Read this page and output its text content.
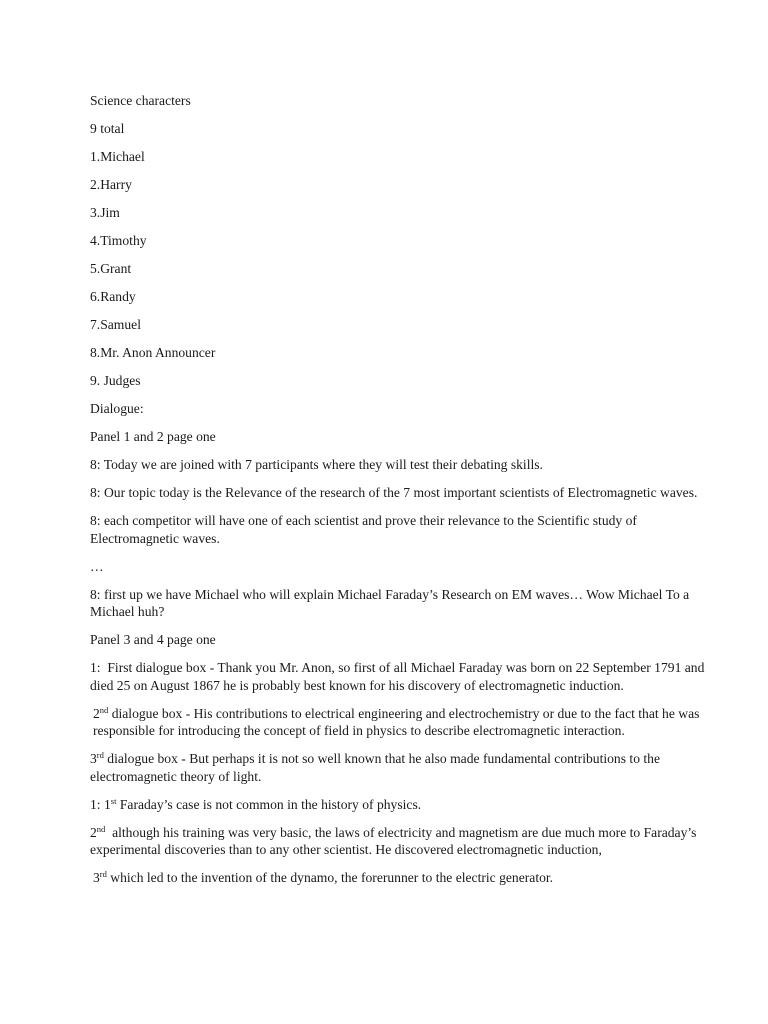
Science characters

9 total

1.Michael

2.Harry

3.Jim

4.Timothy

5.Grant

6.Randy

7.Samuel

8.Mr. Anon Announcer

9. Judges

Dialogue:

Panel 1 and 2 page one

8: Today we are joined with 7 participants where they will test their debating skills.

8: Our topic today is the Relevance of the research of the 7 most important scientists of Electromagnetic waves.

8: each competitor will have one of each scientist and prove their relevance to the Scientific study of Electromagnetic waves.

…

8: first up we have Michael who will explain Michael Faraday’s Research on EM waves… Wow Michael To a Michael huh?

Panel 3 and 4 page one

1:  First dialogue box - Thank you Mr. Anon, so first of all Michael Faraday was born on 22 September 1791 and died 25 on August 1867 he is probably best known for his discovery of electromagnetic induction.

2nd dialogue box - His contributions to electrical engineering and electrochemistry or due to the fact that he was responsible for introducing the concept of field in physics to describe electromagnetic interaction.

3rd dialogue box - But perhaps it is not so well known that he also made fundamental contributions to the electromagnetic theory of light.

1: 1st Faraday’s case is not common in the history of physics.

2nd  although his training was very basic, the laws of electricity and magnetism are due much more to Faraday’s experimental discoveries than to any other scientist. He discovered electromagnetic induction,

3rd which led to the invention of the dynamo, the forerunner to the electric generator.
